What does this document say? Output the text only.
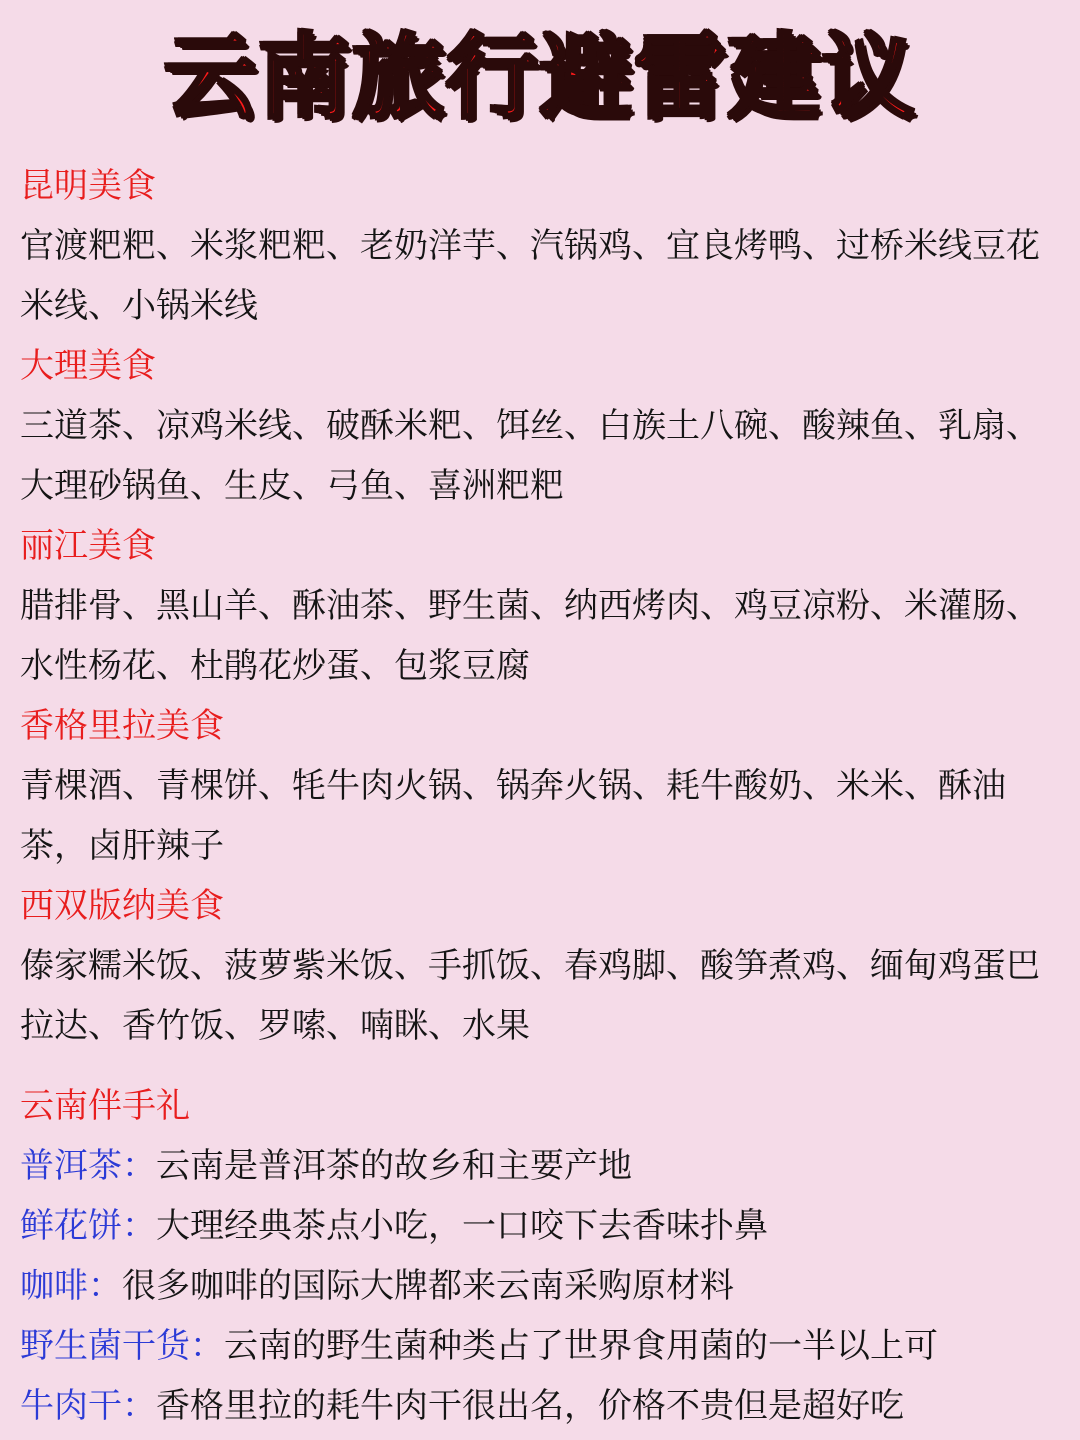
云南旅行避雷建议
昆明美食
官渡粑粑、米浆粑粑、老奶洋芋、汽锅鸡、宜良烤鸭、过桥米线豆花米线、小锅米线
大理美食
三道茶、凉鸡米线、破酥米粑、饵丝、白族土八碗、酸辣鱼、乳扇、大理砂锅鱼、生皮、弓鱼、喜洲粑粑
丽江美食
腊排骨、黑山羊、酥油茶、野生菌、纳西烤肉、鸡豆凉粉、米灌肠、水性杨花、杜鹃花炒蛋、包浆豆腐
香格里拉美食
青棵酒、青棵饼、牦牛肉火锅、锅奔火锅、耗牛酸奶、米米、酥油茶，卤肝辣子
西双版纳美食
傣家糯米饭、菠萝紫米饭、手抓饭、春鸡脚、酸笋煮鸡、缅甸鸡蛋巴拉达、香竹饭、罗嗦、喃眯、水果
云南伴手礼
普洱茶：云南是普洱茶的故乡和主要产地
鲜花饼：大理经典茶点小吃，一口咬下去香味扑鼻
咖啡：很多咖啡的国际大牌都来云南采购原材料
野生菌干货：云南的野生菌种类占了世界食用菌的一半以上可
牛肉干：香格里拉的耗牛肉干很出名，价格不贵但是超好吃
